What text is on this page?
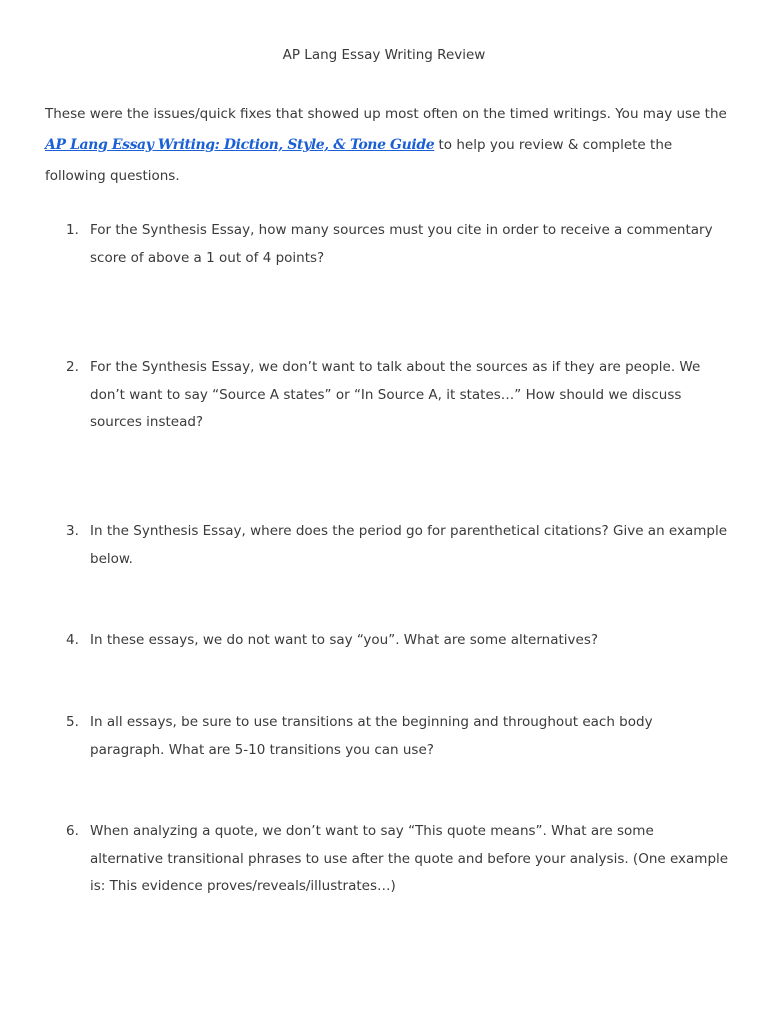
AP Lang Essay Writing Review
These were the issues/quick fixes that showed up most often on the timed writings. You may use the
AP Lang Essay Writing: Diction, Style, & Tone Guide to help you review & complete the following questions.
1. For the Synthesis Essay, how many sources must you cite in order to receive a commentary score of above a 1 out of 4 points?
2. For the Synthesis Essay, we don’t want to talk about the sources as if they are people. We don’t want to say “Source A states” or “In Source A, it states…” How should we discuss sources instead?
3. In the Synthesis Essay, where does the period go for parenthetical citations? Give an example below.
4. In these essays, we do not want to say “you”. What are some alternatives?
5. In all essays, be sure to use transitions at the beginning and throughout each body paragraph. What are 5-10 transitions you can use?
6. When analyzing a quote, we don’t want to say “This quote means”. What are some alternative transitional phrases to use after the quote and before your analysis. (One example is: This evidence proves/reveals/illustrates…)
